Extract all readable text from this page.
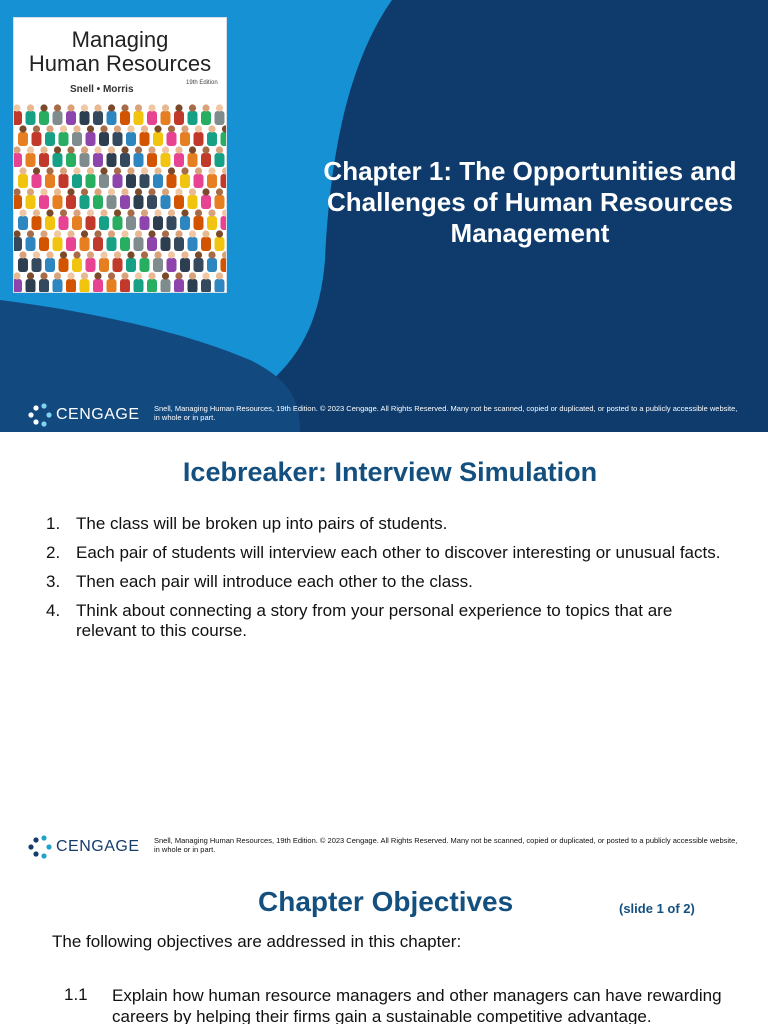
Managing
Human Resources
Snell • Morris
19th Edition
Chapter 1: The Opportunities and Challenges of Human Resources Management
CENGAGE Snell, Managing Human Resources, 19th Edition. © 2023 Cengage. All Rights Reserved. Many not be scanned, copied or duplicated, or posted to a publicly accessible website, in whole or in part.
Icebreaker: Interview Simulation
1. The class will be broken up into pairs of students.
2. Each pair of students will interview each other to discover interesting or unusual facts.
3. Then each pair will introduce each other to the class.
4. Think about connecting a story from your personal experience to topics that are relevant to this course.
CENGAGE Snell, Managing Human Resources, 19th Edition. © 2023 Cengage. All Rights Reserved. Many not be scanned, copied or duplicated, or posted to a publicly accessible website, in whole or in part.
Chapter Objectives	(slide 1 of 2)
The following objectives are addressed in this chapter:
1.1 Explain how human resource managers and other managers can have rewarding careers by helping their firms gain a sustainable competitive advantage.
